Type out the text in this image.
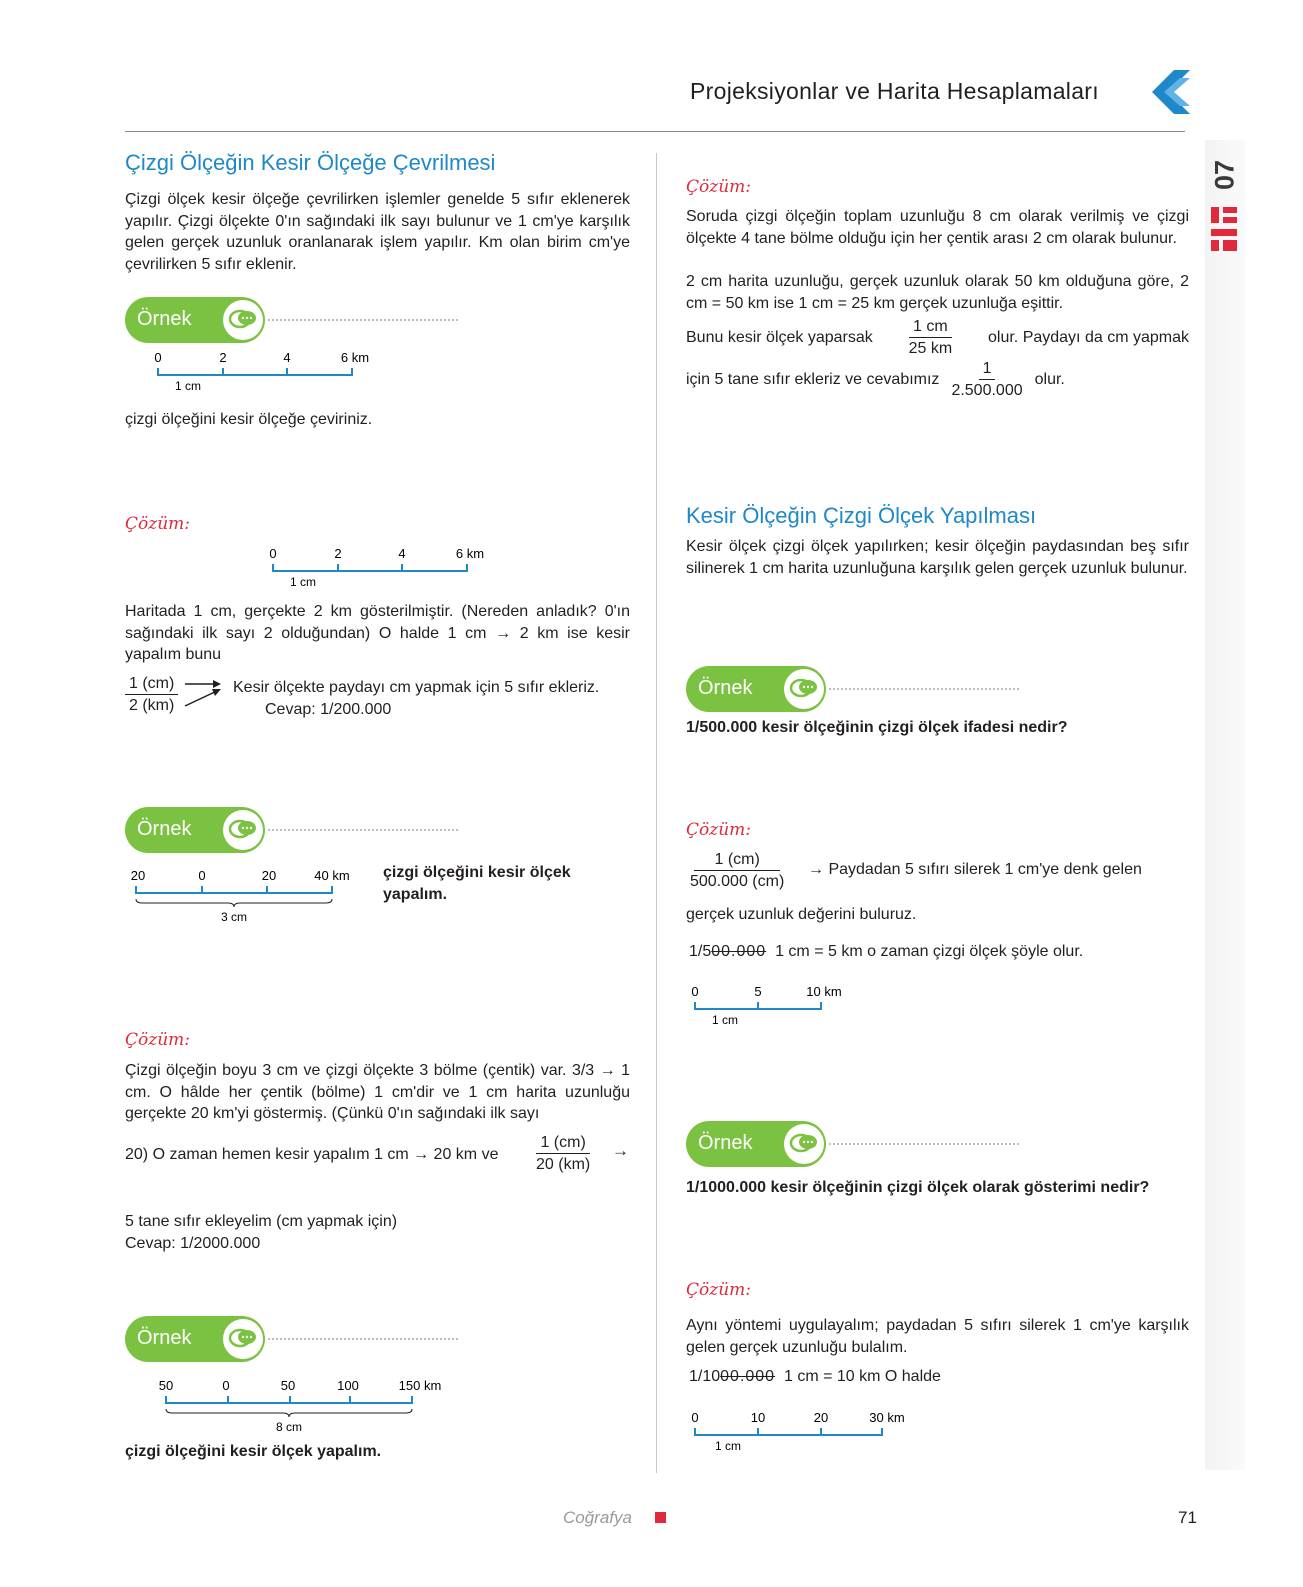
Projeksiyonlar ve Harita Hesaplamaları
07
Çizgi Ölçeğin Kesir Ölçeğe Çevrilmesi
Çizgi ölçek kesir ölçeğe çevrilirken işlemler genelde 5 sıfır eklenerek yapılır. Çizgi ölçekte 0'ın sağındaki ilk sayı bulunur ve 1 cm'ye karşılık gelen gerçek uzunluk oranlanarak işlem yapılır. Km olan birim cm'ye çevrilirken 5 sıfır eklenir.
Örnek
0	2	4	6 km
1 cm
çizgi ölçeğini kesir ölçeğe çeviriniz.
Çözüm:
0	2	4	6 km
1 cm
Haritada 1 cm, gerçekte 2 km gösterilmiştir. (Nereden anladık? 0'ın sağındaki ilk sayı 2 olduğundan) O halde 1 cm → 2 km ise kesir yapalım bunu
$\frac{1 (cm)}{2 (km)}$	Kesir ölçekte paydayı cm yapmak için 5 sıfır ekleriz.
Cevap: 1/200.000
Örnek
20	0	20	40 km
3 cm
çizgi ölçeğini kesir ölçek yapalım.
Çözüm:
Çizgi ölçeğin boyu 3 cm ve çizgi ölçekte 3 bölme (çentik) var. 3/3 → 1 cm. O hâlde her çentik (bölme) 1 cm'dir ve 1 cm harita uzunluğu gerçekte 20 km'yi göstermiş. (Çünkü 0'ın sağındaki ilk sayı
20) O zaman hemen kesir yapalım 1 cm → 20 km ve $\frac{1 (cm)}{20 (km)}$ →
5 tane sıfır ekleyelim (cm yapmak için)
Cevap: 1/2000.000
Örnek
50	0	50	100	150 km
8 cm
çizgi ölçeğini kesir ölçek yapalım.
Çözüm:
Soruda çizgi ölçeğin toplam uzunluğu 8 cm olarak verilmiş ve çizgi ölçekte 4 tane bölme olduğu için her çentik arası 2 cm olarak bulunur.
2 cm harita uzunluğu, gerçek uzunluk olarak 50 km olduğuna göre, 2 cm = 50 km ise 1 cm = 25 km gerçek uzunluğa eşittir.
Bunu kesir ölçek yaparsak $\frac{1 cm}{25 km}$ olur. Paydayı da cm yapmak
için 5 tane sıfır ekleriz ve cevabımız $\frac{1}{2.500.000}$ olur.
Kesir Ölçeğin Çizgi Ölçek Yapılması
Kesir ölçek çizgi ölçek yapılırken; kesir ölçeğin paydasından beş sıfır silinerek 1 cm harita uzunluğuna karşılık gelen gerçek uzunluk bulunur.
Örnek
1/500.000 kesir ölçeğinin çizgi ölçek ifadesi nedir?
Çözüm:
$\frac{1 (cm)}{500.000 (cm)}$ → Paydadan 5 sıfırı silerek 1 cm'ye denk gelen
gerçek uzunluk değerini buluruz.
1/500.000 1 cm = 5 km o zaman çizgi ölçek şöyle olur.
0	5	10 km
1 cm
Örnek
1/1000.000 kesir ölçeğinin çizgi ölçek olarak gösterimi nedir?
Çözüm:
Aynı yöntemi uygulayalım; paydadan 5 sıfırı silerek 1 cm'ye karşılık gelen gerçek uzunluğu bulalım.
1/1000.000 1 cm = 10 km O halde
0	10	20	30 km
1 cm
Coğrafya	71
